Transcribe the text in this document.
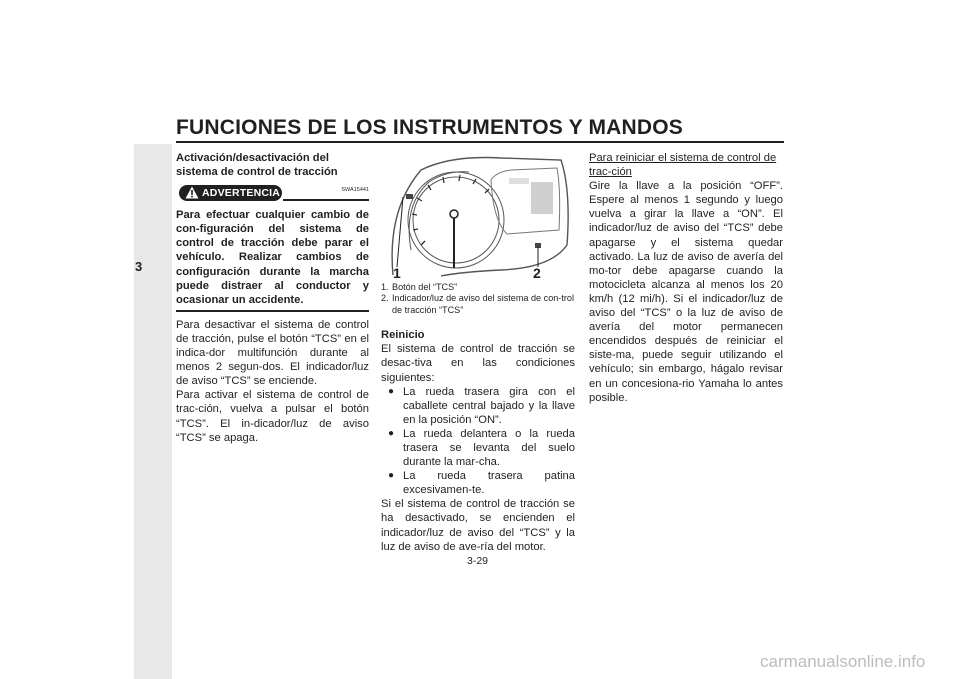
FUNCIONES DE LOS INSTRUMENTOS Y MANDOS
3
Activación/desactivación del sistema de control de tracción
ADVERTENCIA	SWA15441
Para efectuar cualquier cambio de con-figuración del sistema de control de tracción debe parar el vehículo. Realizar cambios de configuración durante la marcha puede distraer al conductor y ocasionar un accidente.
Para desactivar el sistema de control de tracción, pulse el botón “TCS” en el indica-dor multifunción durante al menos 2 segun-dos. El indicador/luz de aviso “TCS” se enciende.
Para activar el sistema de control de trac-ción, vuelva a pulsar el botón “TCS”. El in-dicador/luz de aviso “TCS” se apaga.
1	2
1. Botón del “TCS”
2. Indicador/luz de aviso del sistema de con-trol de tracción “TCS”
Reinicio
El sistema de control de tracción se desac-tiva en las condiciones siguientes:
● La rueda trasera gira con el caballete central bajado y la llave en la posición “ON”.
● La rueda delantera o la rueda trasera se levanta del suelo durante la mar-cha.
● La rueda trasera patina excesivamen-te.
Si el sistema de control de tracción se ha desactivado, se encienden el indicador/luz de aviso del “TCS” y la luz de aviso de ave-ría del motor.
Para reiniciar el sistema de control de trac-ción
Gire la llave a la posición “OFF”. Espere al menos 1 segundo y luego vuelva a girar la llave a “ON”. El indicador/luz de aviso del “TCS” debe apagarse y el sistema quedar activado. La luz de aviso de avería del mo-tor debe apagarse cuando la motocicleta alcanza al menos los 20 km/h (12 mi/h). Si el indicador/luz de aviso del “TCS” o la luz de aviso de avería del motor permanecen encendidos después de reiniciar el siste-ma, puede seguir utilizando el vehículo; sin embargo, hágalo revisar en un concesiona-rio Yamaha lo antes posible.
3-29
carmanualsonline.info
